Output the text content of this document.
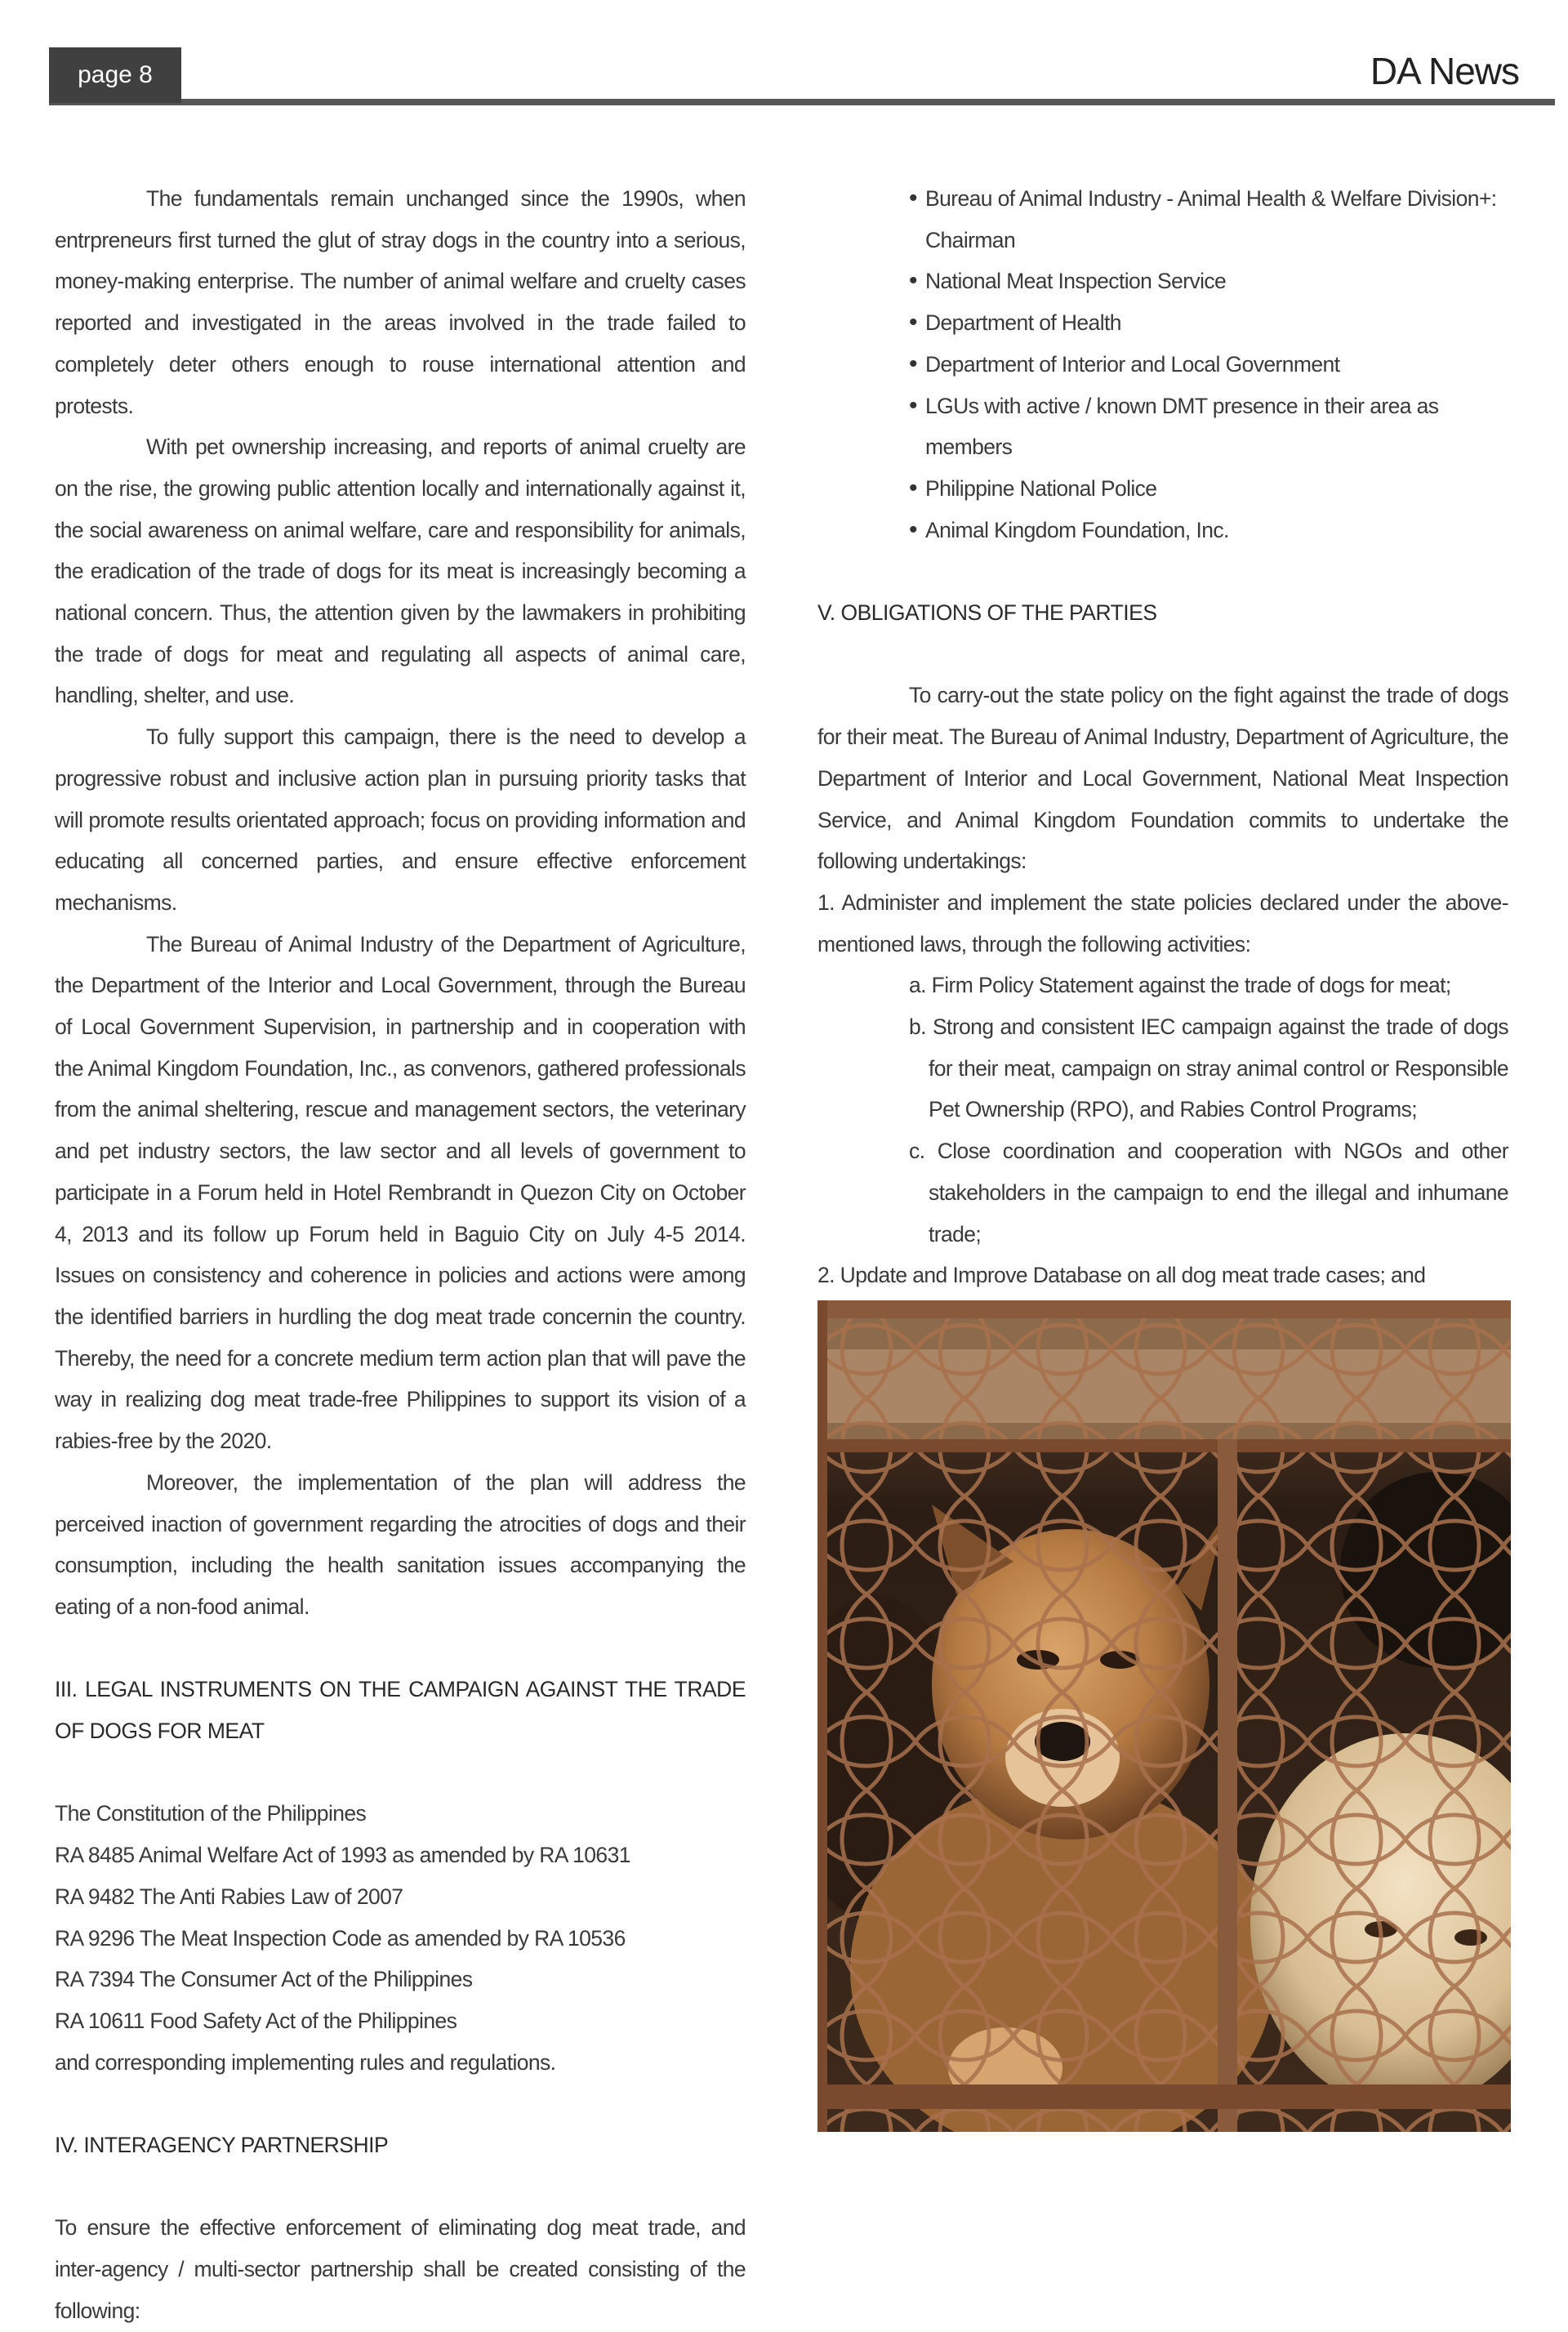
page 8	DA News

The fundamentals remain unchanged since the 1990s, when entrpreneurs first turned the glut of stray dogs in the country into a serious, money-making enterprise. The number of animal welfare and cruelty cases reported and investigated in the areas involved in the trade failed to completely deter others enough to rouse international attention and protests.

With pet ownership increasing, and reports of animal cruelty are on the rise, the growing public attention locally and internationally against it, the social awareness on animal welfare, care and responsibility for animals, the eradication of the trade of dogs for its meat is increasingly becoming a national concern. Thus, the attention given by the lawmakers in prohibiting the trade of dogs for meat and regulating all aspects of animal care, handling, shelter, and use.

To fully support this campaign, there is the need to develop a progressive robust and inclusive action plan in pursuing priority tasks that will promote results orientated approach; focus on providing information and educating all concerned parties, and ensure effective enforcement mechanisms.

The Bureau of Animal Industry of the Department of Agriculture, the Department of the Interior and Local Government, through the Bureau of Local Government Supervision, in partnership and in cooperation with the Animal Kingdom Foundation, Inc., as convenors, gathered professionals from the animal sheltering, rescue and management sectors, the veterinary and pet industry sectors, the law sector and all levels of government to participate in a Forum held in Hotel Rembrandt in Quezon City on October 4, 2013 and its follow up Forum held in Baguio City on July 4-5 2014. Issues on consistency and coherence in policies and actions were among the identified barriers in hurdling the dog meat trade concernin the country. Thereby, the need for a concrete medium term action plan that will pave the way in realizing dog meat trade-free Philippines to support its vision of a rabies-free by the 2020.

Moreover, the implementation of the plan will address the perceived inaction of government regarding the atrocities of dogs and their consumption, including the health sanitation issues accompanying the eating of a non-food animal.

III. LEGAL INSTRUMENTS ON THE CAMPAIGN AGAINST THE TRADE OF DOGS FOR MEAT

The Constitution of the Philippines

RA 8485 Animal Welfare Act of 1993 as amended by RA 10631

RA 9482 The Anti Rabies Law of 2007

RA 9296 The Meat Inspection Code as amended by RA 10536

RA 7394 The Consumer Act of the Philippines

RA 10611 Food Safety Act of the Philippines

and corresponding implementing rules and regulations.

IV. INTERAGENCY PARTNERSHIP

To ensure the effective enforcement of eliminating dog meat trade, and inter-agency / multi-sector partnership shall be created consisting of the following:

• Bureau of Animal Industry - Animal Health & Welfare Division+: Chairman
• National Meat Inspection Service
• Department of Health
• Department of Interior and Local Government
• LGUs with active / known DMT presence in their area as members
• Philippine National Police
• Animal Kingdom Foundation, Inc.

V. OBLIGATIONS OF THE PARTIES

To carry-out the state policy on the fight against the trade of dogs for their meat. The Bureau of Animal Industry, Department of Agriculture, the Department of Interior and Local Government, National Meat Inspection Service, and Animal Kingdom Foundation commits to undertake the following undertakings:

1. Administer and implement the state policies declared under the above-mentioned laws, through the following activities:

a. Firm Policy Statement against the trade of dogs for meat;
b. Strong and consistent IEC campaign against the trade of dogs for their meat, campaign on stray animal control or Responsible Pet Ownership (RPO), and Rabies Control Programs;
c. Close coordination and cooperation with NGOs and other stakeholders in the campaign to end the illegal and inhumane trade;

2. Update and Improve Database on all dog meat trade cases; and
